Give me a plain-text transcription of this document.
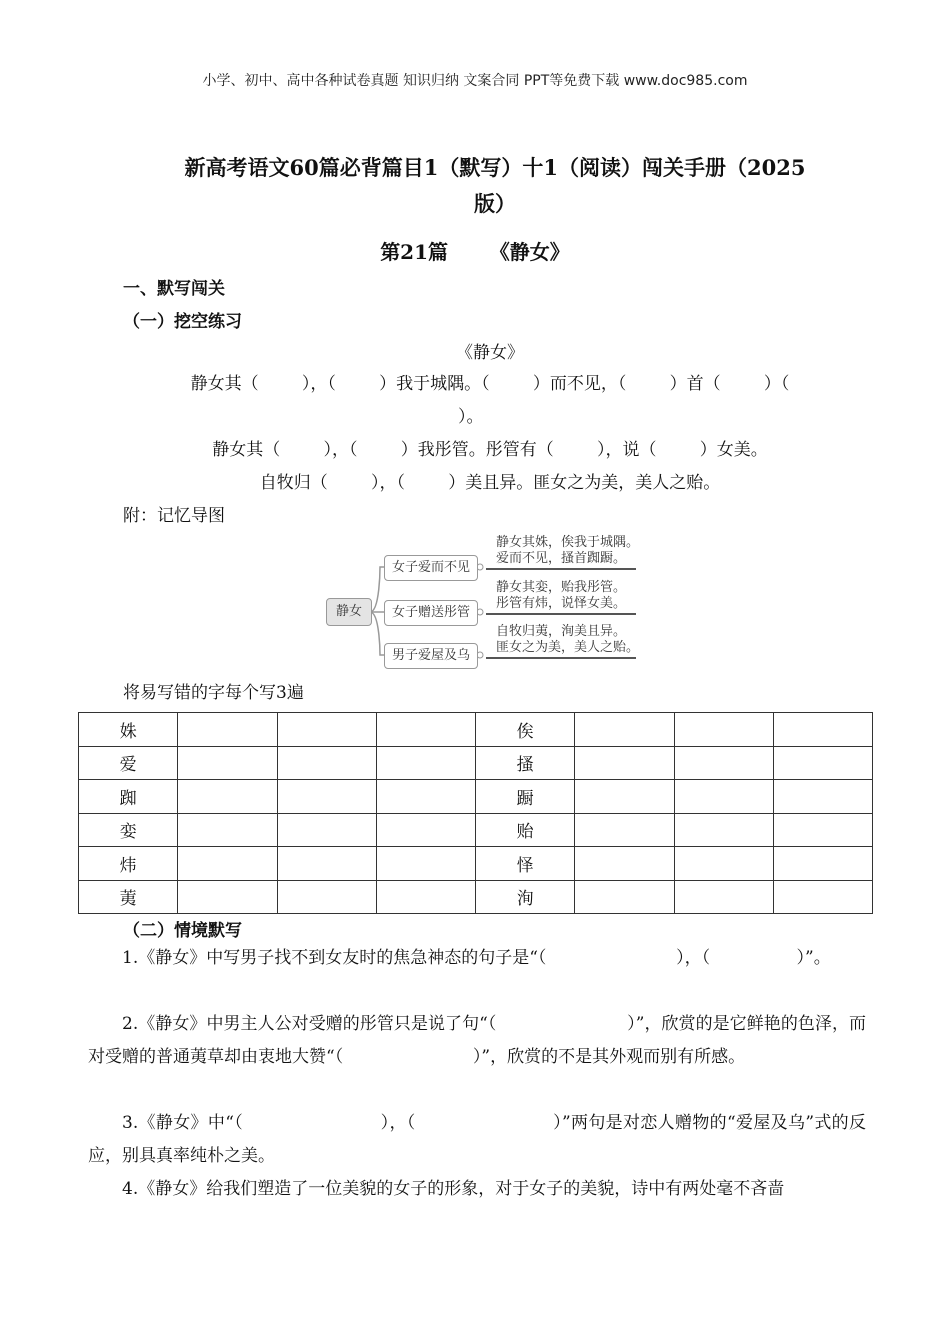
小学、初中、高中各种试卷真题 知识归纳 文案合同 PPT等免费下载 www.doc985.com
新高考语文60篇必背篇目1（默写）十1（阅读）闯关手册（2025
版）
第21篇      《静女》
一、默写闯关
（一）挖空练习
《静女》
静女其（        ），（        ）我于城隅。（        ）而不见，（        ）首（        ）（
）。
静女其（        ），（        ）我彤管。彤管有（        ），说（        ）女美。
自牧归（        ），（        ）美且异。匪女之为美，美人之贻。
附：记忆导图
静女
女子爱而不见
静女其姝，俟我于城隅。
爱而不见，搔首踟蹰。
女子赠送彤管
静女其娈，贻我彤管。
彤管有炜，说怿女美。
男子爱屋及乌
自牧归荑，洵美且异。
匪女之为美，美人之贻。
将易写错的字每个写3遍
姝				俟			
爱				搔			
踟				蹰			
娈				贻			
炜				怿			
荑				洵			
（二）情境默写
1.《静女》中写男子找不到女友时的焦急神态的句子是“（                        ），（                ）”。
2.《静女》中男主人公对受赠的彤管只是说了句“（                        ）”，欣赏的是它鲜艳的色泽，而对受赠的普通荑草却由衷地大赞“（                        ）”，欣赏的不是其外观而别有所感。
3.《静女》中“（                        ），（                        ）”两句是对恋人赠物的“爱屋及乌”式的反应，别具真率纯朴之美。
4.《静女》给我们塑造了一位美貌的女子的形象，对于女子的美貌，诗中有两处毫不吝啬
